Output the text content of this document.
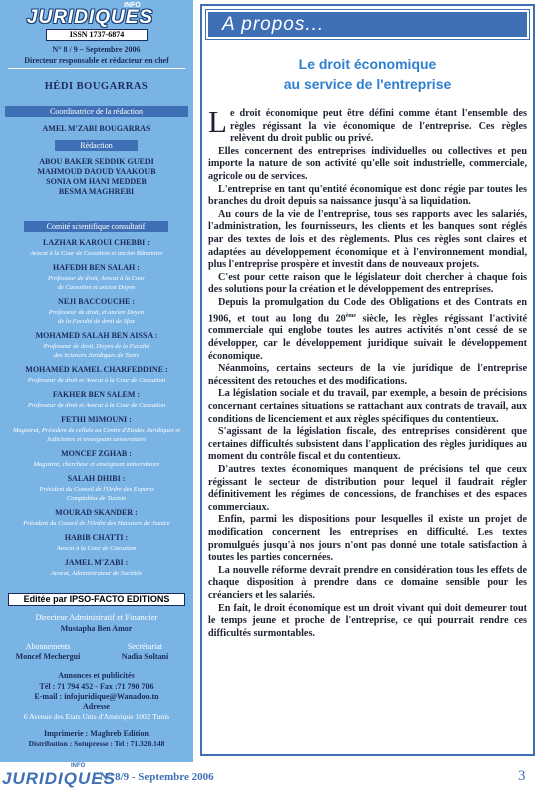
INFO
JURIDIQUES
ISSN 1737-6874
N° 8 / 9 – Septembre 2006
Directeur responsable et rédacteur en chef
HÉDI BOUGARRAS
Coordinatrice de la rédaction
AMEL M'ZABI BOUGARRAS
Rédaction
Comité scientifique consultatif
Editée par IPSO-FACTO EDITIONS
Directeur Administratif et Financier
Mustapha Ben Amor
Abonnements	Secrétariat
Moncef Mechergui	Nadia Soltani
Annonces et publicités
Tél : 71 794 452 - Fax :71 790 706
E-mail : infojuridique@Wanadoo.tn
Adresse
6 Avenue des Etats Unis d'Amérique 1002 Tunis
Imprimerie : Maghreb Edition
Distribution : Sotupresse : Tel : 71.320.148
ABOU BAKER SEDDIK GUEDI
MAHMOUD DAOUD YAAKOUB
SONIA OM HANI MEDDEB
BESMA MAGHREBI
LAZHAR KAROUI CHEBBI :
Avocat à la Cour de Cassation et ancien Bâtonnier
HAFEDH BEN SALAH :
Professeur de droit, Avocat à la Cour
de Cassation et ancien Doyen
NEJI BACCOUCHE :
Professeur de droit, et ancien Doyen
de la Faculté de droit de Sfax
MOHAMED SALAH BEN AISSA :
Professeur de droit, Doyen de la Faculté
des Sciences Juridiques de Tunis
MOHAMED KAMEL CHARFEDDINE :
Professeur de droit et Avocat à la Cour de Cassation
FAKHER BEN SALEM :
Professeur de droit et Avocat à la Cour de Cassation
FETHI MIMOUNI :
Magistrat, Président de cellule au Centre d'Etudes Juridiques et
Judiciaires et enseignant universitaire
MONCEF ZGHAB :
Magistrat, chercheur et enseignant universitaire
SALAH DHIBI :
Président du Conseil de l'Ordre des Experts
Comptables de Tunisie
MOURAD SKANDER :
Président du Conseil de l'Ordre des Huissiers de Justice
HABIB CHATTI :
Avocat à la Cour de Cassation
JAMEL M'ZABI :
Avocat, Administrateur de Sociétés
A propos...
Le droit économique
au service de l'entreprise

Le droit économique peut être défini comme étant l'ensemble des règles régissant la vie économique de l'entreprise. Ces règles relèvent du droit public ou privé.

Elles concernent des entreprises individuelles ou collectives et peu importe la nature de son activité qu'elle soit industrielle, commerciale, agricole ou de services.

L'entreprise en tant qu'entité économique est donc régie par toutes les branches du droit depuis sa naissance jusqu'à sa liquidation.

Au cours de la vie de l'entreprise, tous ses rapports avec les salariés, l'administration, les fournisseurs, les clients et les banques sont réglés par des textes de lois et des règlements. Plus ces règles sont claires et adaptées au développement économique et à l'environnement mondial, plus l'entreprise prospère et investit dans de nouveaux projets.

C'est pour cette raison que le législateur doit chercher à chaque fois des solutions pour la création et le développement des entreprises.

Depuis la promulgation du Code des Obligations et des Contrats en 1906, et tout au long du 20ème siècle, les règles régissant l'activité commerciale qui englobe toutes les autres activités n'ont cessé de se développer, car le développement juridique suivait le développement économique.

Néanmoins, certains secteurs de la vie juridique de l'entreprise nécessitent des retouches et des modifications.

La législation sociale et du travail, par exemple, a besoin de précisions concernant certaines situations se rattachant aux contrats de travail, aux conditions de licenciement et aux règles spécifiques du contentieux.

S'agissant de la législation fiscale, des entreprises considèrent que certaines difficultés subsistent dans l'application des règles juridiques au moment du contrôle fiscal et du contentieux.

D'autres textes économiques manquent de précisions tel que ceux régissant le secteur de distribution pour lequel il faudrait régler définitivement les régimes de concessions, de franchises et des espaces commerciaux.

Enfin, parmi les dispositions pour lesquelles il existe un projet de modification concernent les entreprises en difficulté. Les textes promulgués jusqu'à nos jours n'ont pas donné une totale satisfaction à toutes les parties concernées.

La nouvelle réforme devrait prendre en considération tous les effets de chaque disposition à prendre dans ce domaine sensible pour les créanciers et les salariés.

En fait, le droit économique est un droit vivant qui doit demeurer tout le temps jeune et proche de l'entreprise, ce qui pourrait rendre ces difficultés surmontables.

JURIDIQUES
INFO
N° 8/9 - Septembre 2006	3
